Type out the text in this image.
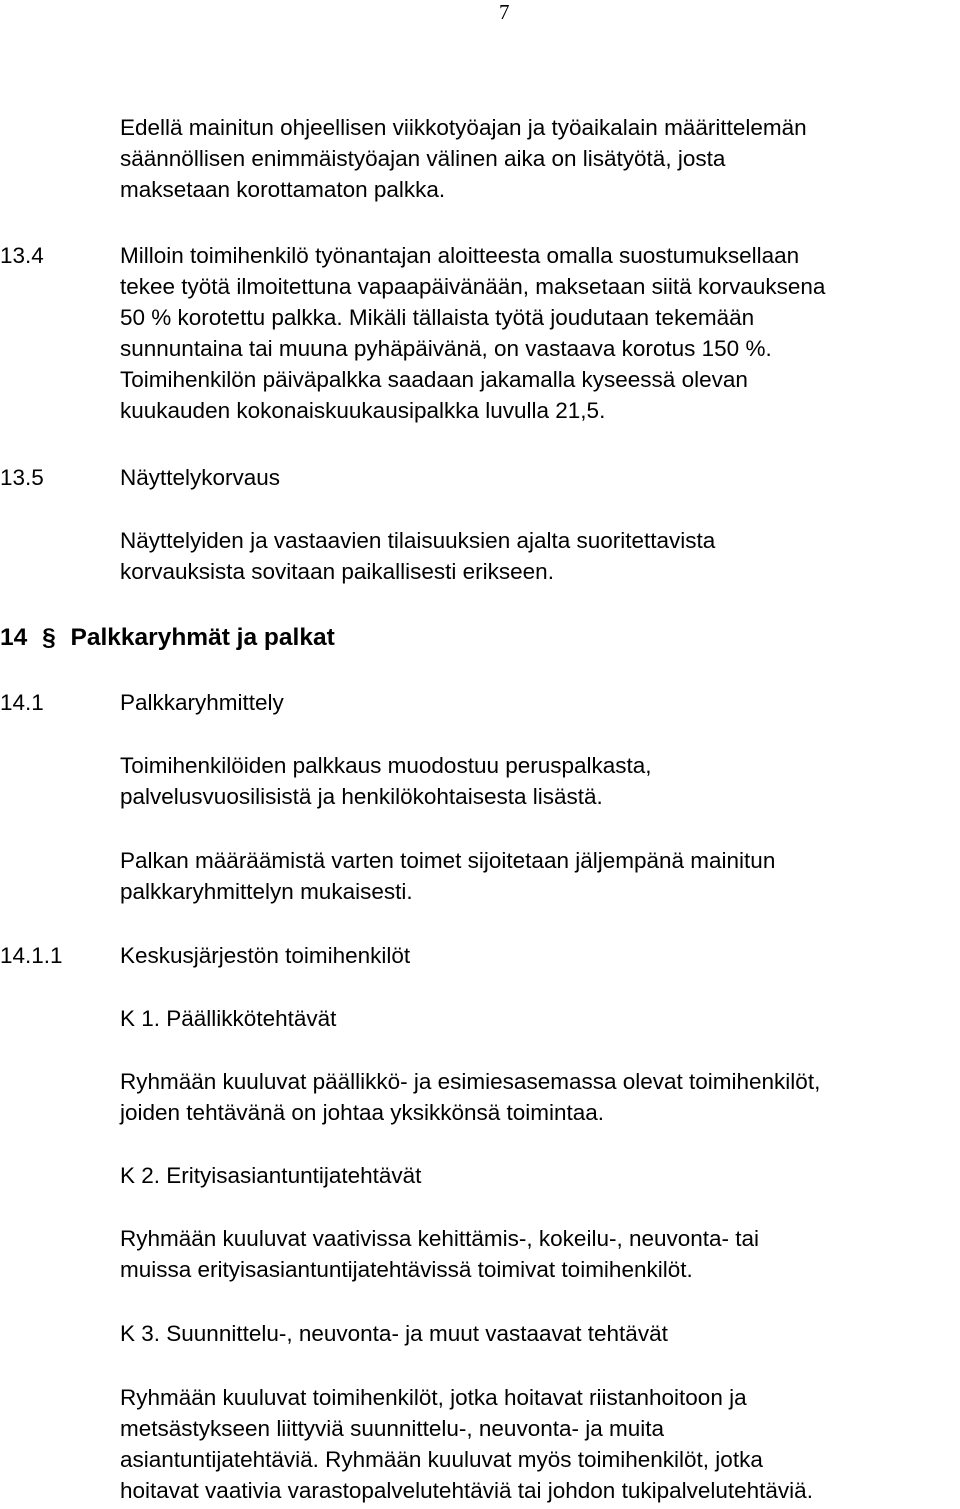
7
Edellä mainitun ohjeellisen viikkotyöajan ja työaikalain määrittelemän
säännöllisen enimmäistyöajan välinen aika on lisätyötä, josta
maksetaan korottamaton palkka.
13.4	Milloin toimihenkilö työnantajan aloitteesta omalla suostumuksellaan
tekee työtä ilmoitettuna vapaapäivänään, maksetaan siitä korvauksena
50 % korotettu palkka. Mikäli tällaista työtä joudutaan tekemään
sunnuntaina tai muuna pyhäpäivänä, on vastaava korotus 150 %.
Toimihenkilön päiväpalkka saadaan jakamalla kyseessä olevan
kuukauden kokonaiskuukausipalkka luvulla 21,5.
13.5	Näyttelykorvaus
Näyttelyiden ja vastaavien tilaisuuksien ajalta suoritettavista
korvauksista sovitaan paikallisesti erikseen.
14 § Palkkaryhmät ja palkat
14.1	Palkkaryhmittely
Toimihenkilöiden palkkaus muodostuu peruspalkasta,
palvelusvuosilisistä ja henkilökohtaisesta lisästä.
Palkan määräämistä varten toimet sijoitetaan jäljempänä mainitun
palkkaryhmittelyn mukaisesti.
14.1.1	Keskusjärjestön toimihenkilöt
K 1. Päällikkötehtävät
Ryhmään kuuluvat päällikkö- ja esimiesasemassa olevat toimihenkilöt,
joiden tehtävänä on johtaa yksikkönsä toimintaa.
K 2. Erityisasiantuntijatehtävät
Ryhmään kuuluvat vaativissa kehittämis-, kokeilu-, neuvonta- tai
muissa erityisasiantuntijatehtävissä toimivat toimihenkilöt.
K 3. Suunnittelu-, neuvonta- ja muut vastaavat tehtävät
Ryhmään kuuluvat toimihenkilöt, jotka hoitavat riistanhoitoon ja
metsästykseen liittyviä suunnittelu-, neuvonta- ja muita
asiantuntijatehtäviä. Ryhmään kuuluvat myös toimihenkilöt, jotka
hoitavat vaativia varastopalvelutehtäviä tai johdon tukipalvelutehtäviä.
